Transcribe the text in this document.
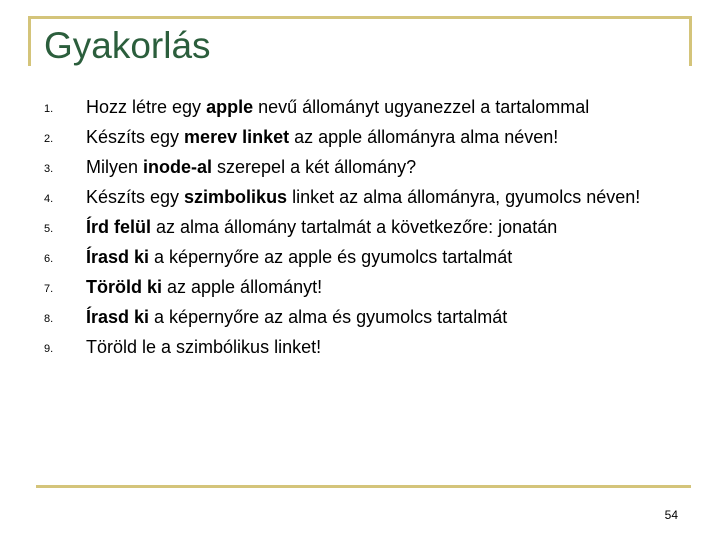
Gyakorlás
1.	Hozz létre egy apple nevű állományt ugyanezzel a tartalommal
2.	Készíts egy merev linket az apple állományra alma néven!
3.	Milyen inode-al szerepel a két állomány?
4.	Készíts egy szimbolikus linket az alma állományra, gyumolcs néven!
5.	Írd felül az alma állomány tartalmát a következőre: jonatán
6.	Írasd ki a képernyőre az apple és gyumolcs tartalmát
7.	Töröld ki az apple állományt!
8.	Írasd ki a képernyőre az alma és gyumolcs tartalmát
9.	Töröld le a szimbólikus linket!
54
